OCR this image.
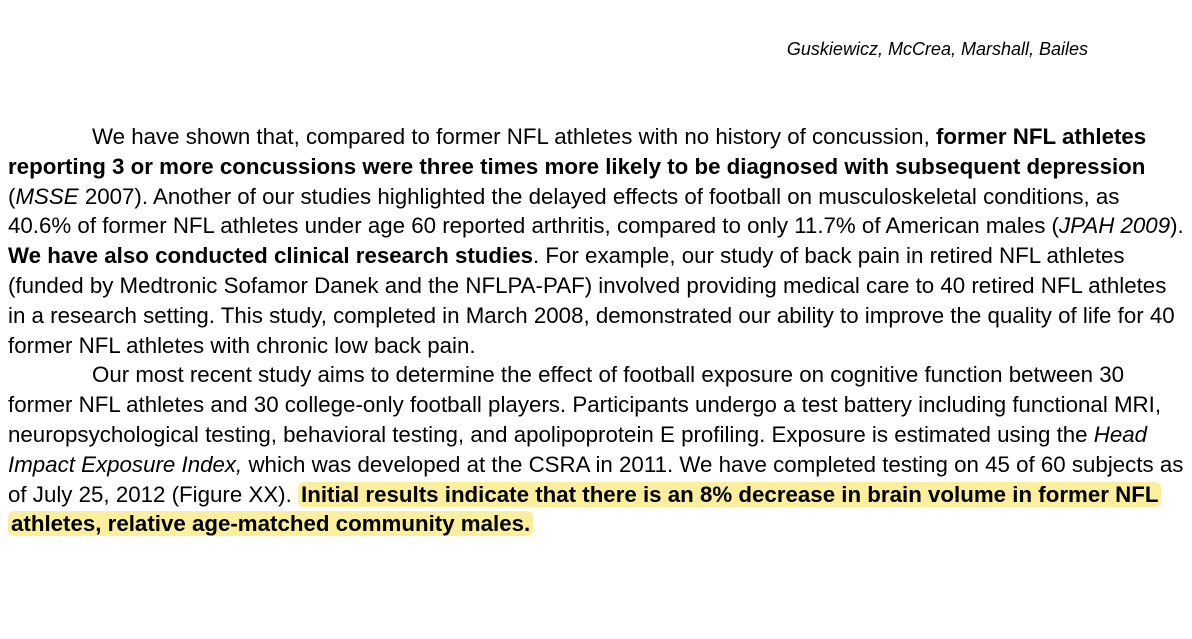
Guskiewicz, McCrea, Marshall, Bailes

We have shown that, compared to former NFL athletes with no history of concussion, former NFL athletes reporting 3 or more concussions were three times more likely to be diagnosed with subsequent depression (MSSE 2007). Another of our studies highlighted the delayed effects of football on musculoskeletal conditions, as 40.6% of former NFL athletes under age 60 reported arthritis, compared to only 11.7% of American males (JPAH 2009). We have also conducted clinical research studies. For example, our study of back pain in retired NFL athletes (funded by Medtronic Sofamor Danek and the NFLPA-PAF) involved providing medical care to 40 retired NFL athletes in a research setting. This study, completed in March 2008, demonstrated our ability to improve the quality of life for 40 former NFL athletes with chronic low back pain.

Our most recent study aims to determine the effect of football exposure on cognitive function between 30 former NFL athletes and 30 college-only football players. Participants undergo a test battery including functional MRI, neuropsychological testing, behavioral testing, and apolipoprotein E profiling. Exposure is estimated using the Head Impact Exposure Index, which was developed at the CSRA in 2011. We have completed testing on 45 of 60 subjects as of July 25, 2012 (Figure XX). Initial results indicate that there is an 8% decrease in brain volume in former NFL athletes, relative age-matched community males.
